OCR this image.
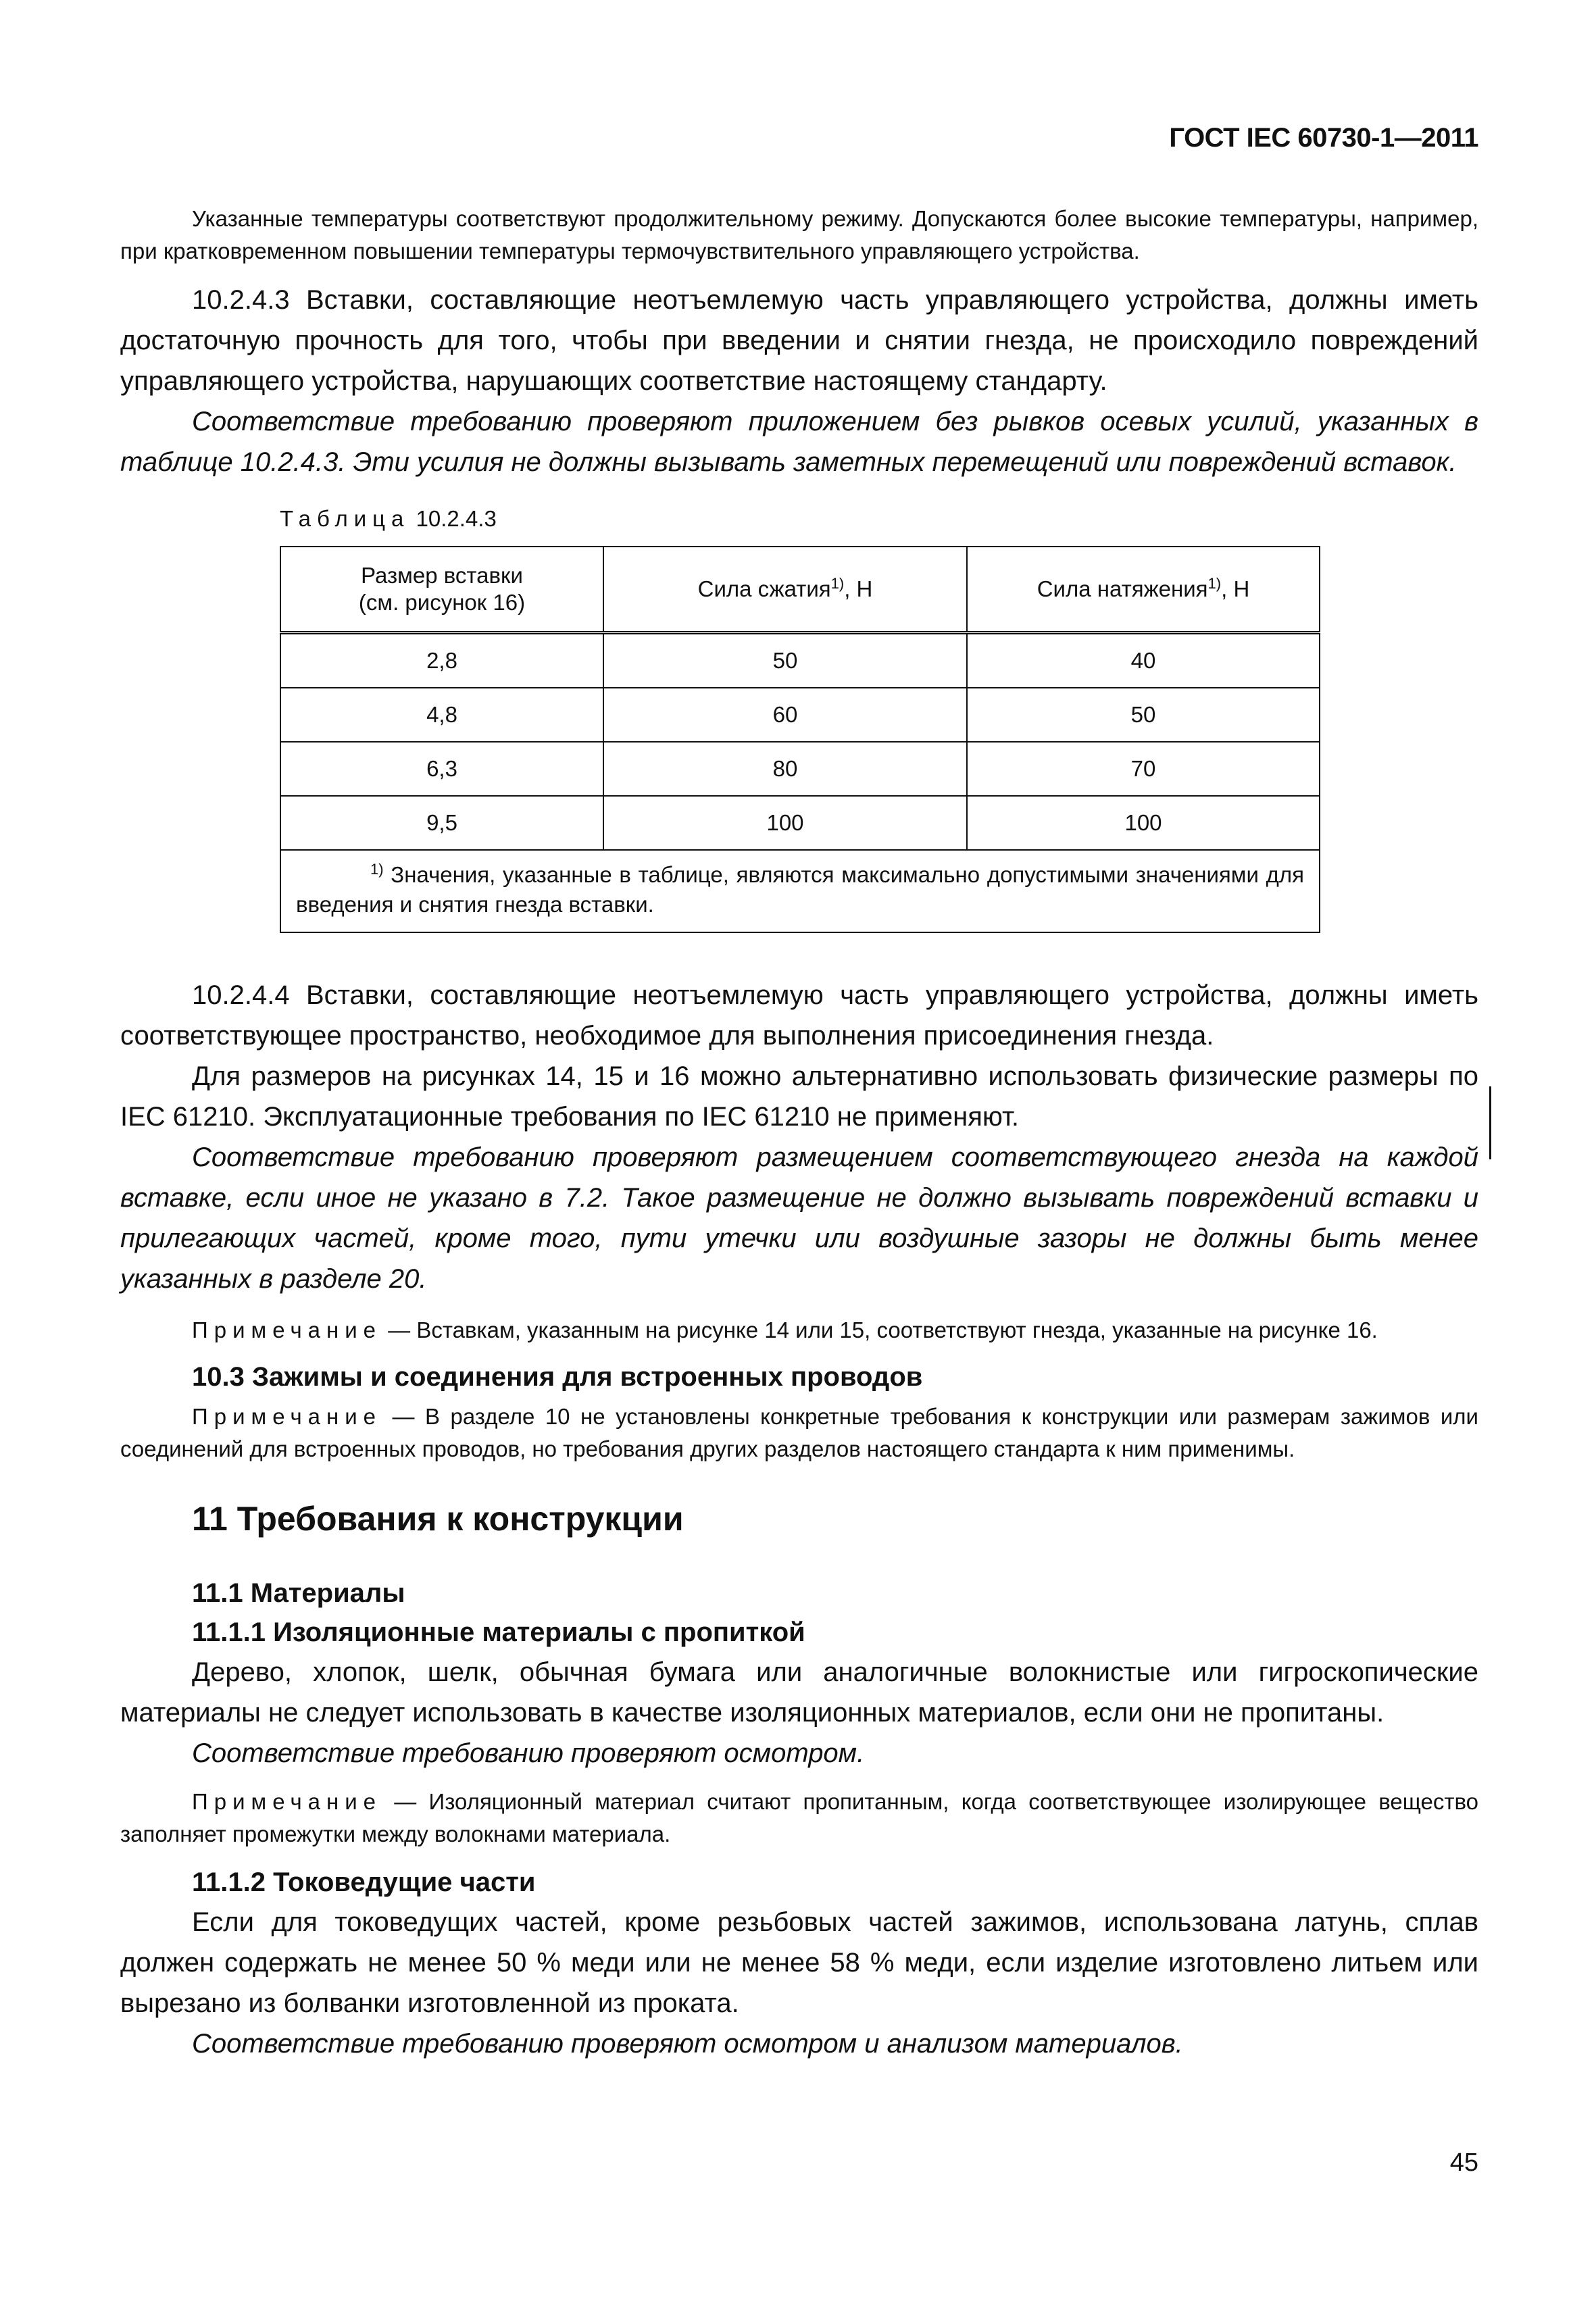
ГОСТ IEC 60730-1—2011

Указанные температуры соответствуют продолжительному режиму. Допускаются более высокие температуры, например, при кратковременном повышении температуры термочувствительного управляющего устройства.

10.2.4.3 Вставки, составляющие неотъемлемую часть управляющего устройства, должны иметь достаточную прочность для того, чтобы при введении и снятии гнезда, не происходило повреждений управляющего устройства, нарушающих соответствие настоящему стандарту.

Соответствие требованию проверяют приложением без рывков осевых усилий, указанных в таблице 10.2.4.3. Эти усилия не должны вызывать заметных перемещений или повреждений вставок.

Таблица 10.2.4.3
Размер вставки
(см. рисунок 16)	Сила сжатия$^{1)}$, Н	Сила натяжения$^{1)}$, Н
2,8	50	40
4,8	60	50
6,3	80	70
9,5	100	100
$^{1)}$ Значения, указанные в таблице, являются максимально допустимыми значениями для введения и снятия гнезда вставки.		

10.2.4.4 Вставки, составляющие неотъемлемую часть управляющего устройства, должны иметь соответствующее пространство, необходимое для выполнения присоединения гнезда.

Для размеров на рисунках 14, 15 и 16 можно альтернативно использовать физические размеры по IEC 61210. Эксплуатационные требования по IEC 61210 не применяют.

Соответствие требованию проверяют размещением соответствующего гнезда на каждой вставке, если иное не указано в 7.2. Такое размещение не должно вызывать повреждений вставки и прилегающих частей, кроме того, пути утечки или воздушные зазоры не должны быть менее указанных в разделе 20.

Примечание — Вставкам, указанным на рисунке 14 или 15, соответствуют гнезда, указанные на рисунке 16.

10.3 Зажимы и соединения для встроенных проводов

Примечание — В разделе 10 не установлены конкретные требования к конструкции или размерам зажимов или соединений для встроенных проводов, но требования других разделов настоящего стандарта к ним применимы.

11 Требования к конструкции
11.1 Материалы
11.1.1 Изоляционные материалы с пропиткой

Дерево, хлопок, шелк, обычная бумага или аналогичные волокнистые или гигроскопические материалы не следует использовать в качестве изоляционных материалов, если они не пропитаны.

Соответствие требованию проверяют осмотром.

Примечание — Изоляционный материал считают пропитанным, когда соответствующее изолирующее вещество заполняет промежутки между волокнами материала.

11.1.2 Токоведущие части

Если для токоведущих частей, кроме резьбовых частей зажимов, использована латунь, сплав должен содержать не менее 50 % меди или не менее 58 % меди, если изделие изготовлено литьем или вырезано из болванки изготовленной из проката.

Соответствие требованию проверяют осмотром и анализом материалов.

45
